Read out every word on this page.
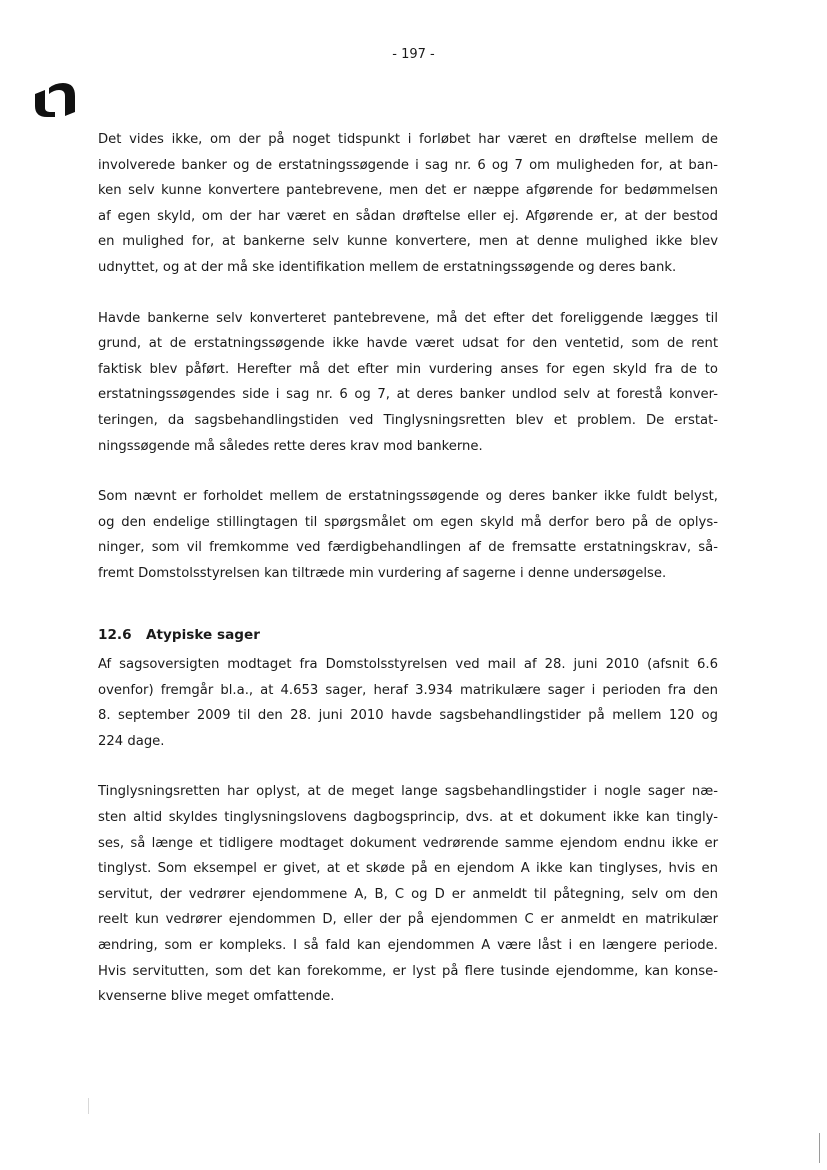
- 197 -

Det vides ikke, om der på noget tidspunkt i forløbet har været en drøftelse mellem de
involverede banker og de erstatningssøgende i sag nr. 6 og 7 om muligheden for, at ban-
ken selv kunne konvertere pantebrevene, men det er næppe afgørende for bedømmelsen
af egen skyld, om der har været en sådan drøftelse eller ej. Afgørende er, at der bestod
en mulighed for, at bankerne selv kunne konvertere, men at denne mulighed ikke blev
udnyttet, og at der må ske identifikation mellem de erstatningssøgende og deres bank.

Havde bankerne selv konverteret pantebrevene, må det efter det foreliggende lægges til
grund, at de erstatningssøgende ikke havde været udsat for den ventetid, som de rent
faktisk blev påført. Herefter må det efter min vurdering anses for egen skyld fra de to
erstatningssøgendes side i sag nr. 6 og 7, at deres banker undlod selv at forestå konver-
teringen, da sagsbehandlingstiden ved Tinglysningsretten blev et problem. De erstat-
ningssøgende må således rette deres krav mod bankerne.

Som nævnt er forholdet mellem de erstatningssøgende og deres banker ikke fuldt belyst,
og den endelige stillingtagen til spørgsmålet om egen skyld må derfor bero på de oplys-
ninger, som vil fremkomme ved færdigbehandlingen af de fremsatte erstatningskrav, så-
fremt Domstolsstyrelsen kan tiltræde min vurdering af sagerne i denne undersøgelse.

12.6 Atypiske sager

Af sagsoversigten modtaget fra Domstolsstyrelsen ved mail af 28. juni 2010 (afsnit 6.6
ovenfor) fremgår bl.a., at 4.653 sager, heraf 3.934 matrikulære sager i perioden fra den
8. september 2009 til den 28. juni 2010 havde sagsbehandlingstider på mellem 120 og
224 dage.

Tinglysningsretten har oplyst, at de meget lange sagsbehandlingstider i nogle sager næ-
sten altid skyldes tinglysningslovens dagbogsprincip, dvs. at et dokument ikke kan tingly-
ses, så længe et tidligere modtaget dokument vedrørende samme ejendom endnu ikke er
tinglyst. Som eksempel er givet, at et skøde på en ejendom A ikke kan tinglyses, hvis en
servitut, der vedrører ejendommene A, B, C og D er anmeldt til påtegning, selv om den
reelt kun vedrører ejendommen D, eller der på ejendommen C er anmeldt en matrikulær
ændring, som er kompleks. I så fald kan ejendommen A være låst i en længere periode.
Hvis servitutten, som det kan forekomme, er lyst på flere tusinde ejendomme, kan konse-
kvenserne blive meget omfattende.
